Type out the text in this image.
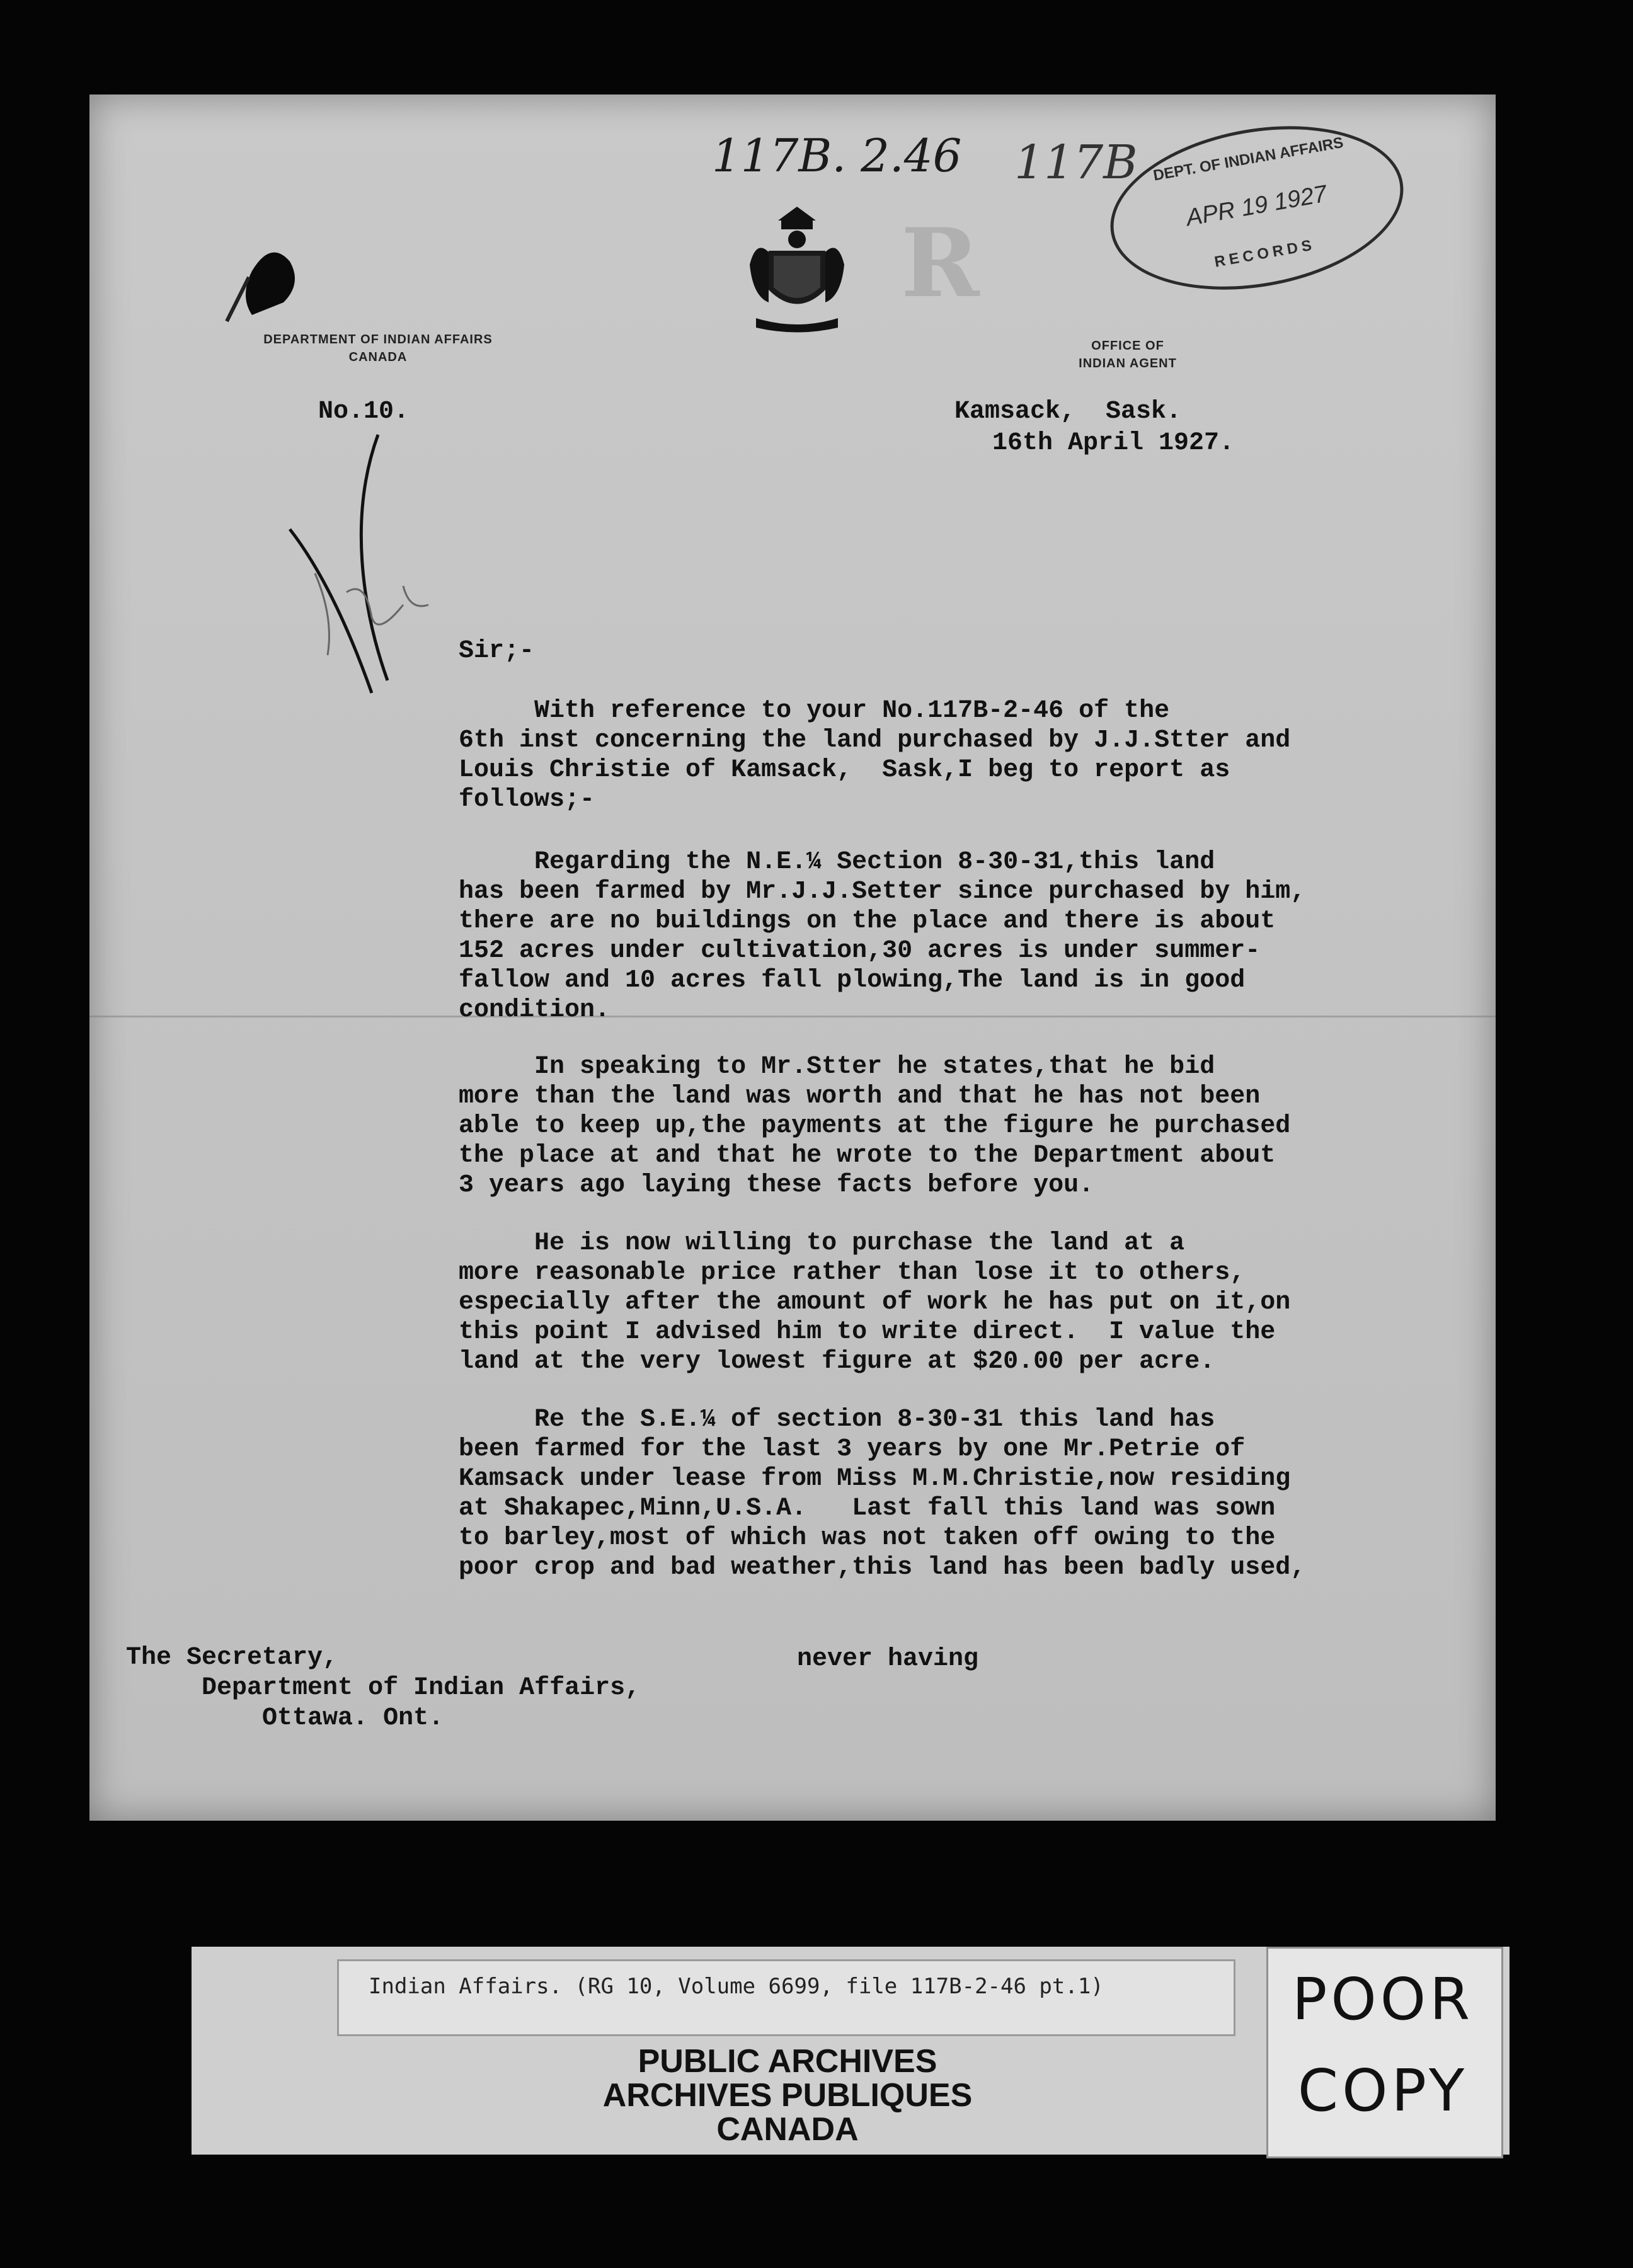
117B. 2.46 117B DEPT. OF INDIAN AFFAIRS
APR 19 1927
RECORDS
R
DEPARTMENT OF INDIAN AFFAIRS
CANADA
OFFICE OF
INDIAN AGENT
No.10.	Kamsack,  Sask.
16th April 1927.
Sir;-
With reference to your No.117B-2-46 of the
6th inst concerning the land purchased by J.J.Stter and
Louis Christie of Kamsack,  Sask,I beg to report as
follows;-
Regarding the N.E.¼ Section 8-30-31,this land
has been farmed by Mr.J.J.Setter since purchased by him,
there are no buildings on the place and there is about
152 acres under cultivation,30 acres is under summer-
fallow and 10 acres fall plowing,The land is in good
condition.
In speaking to Mr.Stter he states,that he bid
more than the land was worth and that he has not been
able to keep up,the payments at the figure he purchased
the place at and that he wrote to the Department about
3 years ago laying these facts before you.
He is now willing to purchase the land at a
more reasonable price rather than lose it to others,
especially after the amount of work he has put on it,on
this point I advised him to write direct.  I value the
land at the very lowest figure at $20.00 per acre.
Re the S.E.¼ of section 8-30-31 this land has
been farmed for the last 3 years by one Mr.Petrie of
Kamsack under lease from Miss M.M.Christie,now residing
at Shakapec,Minn,U.S.A.   Last fall this land was sown
to barley,most of which was not taken off owing to the
poor crop and bad weather,this land has been badly used,
never having
The Secretary,
Department of Indian Affairs,
Ottawa. Ont.
Indian Affairs. (RG 10, Volume 6699, file 117B-2-46 pt.1)
PUBLIC ARCHIVES
ARCHIVES PUBLIQUES
CANADA
POOR
COPY
